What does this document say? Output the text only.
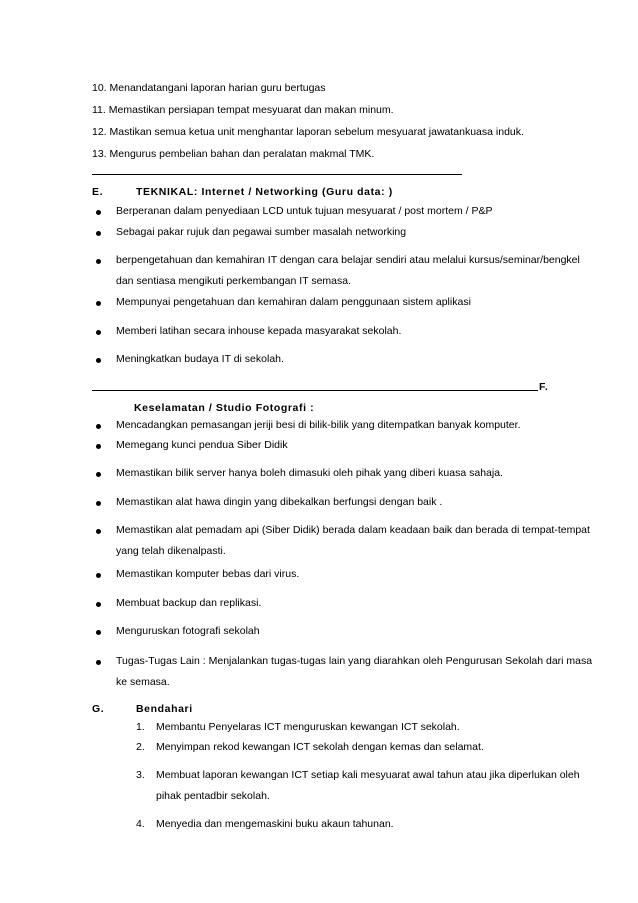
10. Menandatangani laporan harian guru bertugas
11. Memastikan persiapan tempat mesyuarat dan makan minum.
12. Mastikan semua ketua unit menghantar laporan sebelum mesyuarat jawatankuasa induk.
13. Mengurus pembelian bahan dan peralatan makmal TMK.
E.	TEKNIKAL: Internet / Networking (Guru data: )
Berperanan dalam penyediaan LCD untuk tujuan mesyuarat / post mortem / P&P
Sebagai pakar rujuk dan pegawai sumber masalah networking
berpengetahuan dan kemahiran IT dengan cara belajar sendiri atau melalui kursus/seminar/bengkel
dan sentiasa mengikuti perkembangan IT semasa.
Mempunyai pengetahuan dan kemahiran dalam penggunaan sistem aplikasi
Memberi latihan secara inhouse kepada masyarakat sekolah.
Meningkatkan budaya IT di sekolah.
F.
Keselamatan / Studio Fotografi :
Mencadangkan pemasangan jeriji besi di bilik-bilik yang ditempatkan banyak komputer.
Memegang kunci pendua Siber Didik
Memastikan bilik server hanya boleh dimasuki oleh pihak yang diberi kuasa sahaja.
Memastikan alat hawa dingin yang dibekalkan berfungsi dengan baik .
Memastikan alat pemadam api (Siber Didik) berada dalam keadaan baik dan berada di tempat-tempat
yang telah dikenalpasti.
Memastikan komputer bebas dari virus.
Membuat backup dan replikasi.
Menguruskan fotografi sekolah
Tugas-Tugas Lain : Menjalankan tugas-tugas lain yang diarahkan oleh Pengurusan Sekolah dari masa
ke semasa.
G.	Bendahari
1. Membantu Penyelaras ICT menguruskan kewangan ICT sekolah.
2. Menyimpan rekod kewangan ICT sekolah dengan kemas dan selamat.
3. Membuat laporan kewangan ICT setiap kali mesyuarat awal tahun atau jika diperlukan oleh
pihak pentadbir sekolah.
4. Menyedia dan mengemaskini buku akaun tahunan.
